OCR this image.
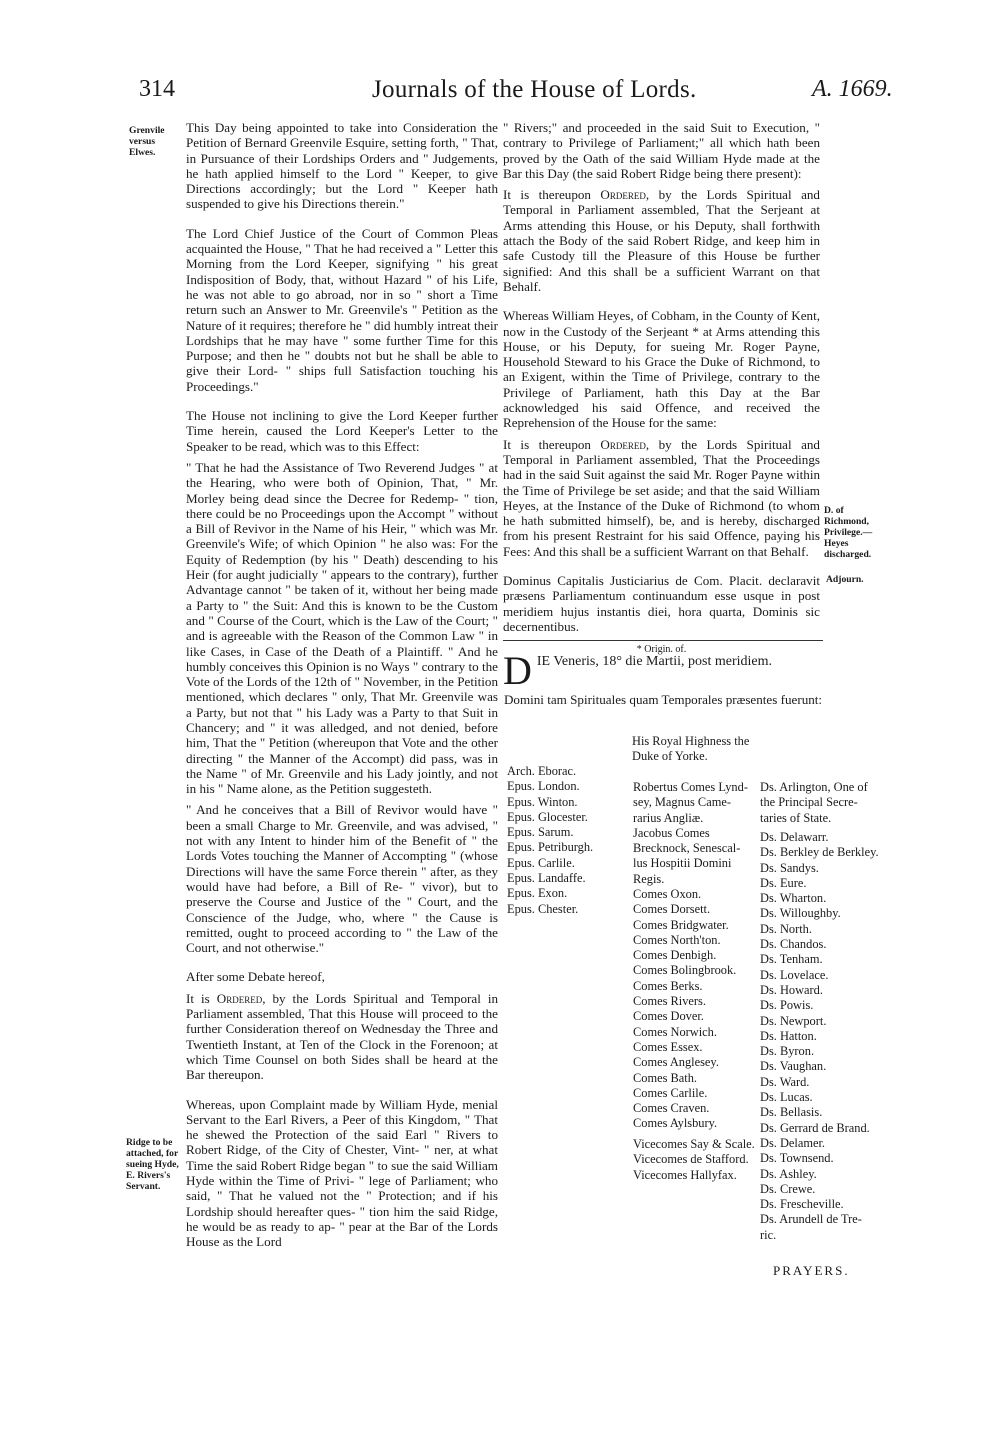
314	Journals of the House of Lords.	A. 1669.
Grenvile versus Elwes.
Ridge to be attached, for sueing Hyde, E. Rivers's Servant.
D. of Richmond, Privilege.— Heyes discharged.
Adjourn.

This Day being appointed to take into Consideration the Petition of Bernard Greenvile Esquire, setting forth, " That, in Pursuance of their Lordships Orders and " Judgements, he hath applied himself to the Lord " Keeper, to give Directions accordingly; but the Lord " Keeper hath suspended to give his Directions therein."

The Lord Chief Justice of the Court of Common Pleas acquainted the House, " That he had received a " Letter this Morning from the Lord Keeper, signifying " his great Indisposition of Body, that, without Hazard " of his Life, he was not able to go abroad, nor in so " short a Time return such an Answer to Mr. Greenvile's " Petition as the Nature of it requires; therefore he " did humbly intreat their Lordships that he may have " some further Time for this Purpose; and then he " doubts not but he shall be able to give their Lord- " ships full Satisfaction touching his Proceedings."

The House not inclining to give the Lord Keeper further Time herein, caused the Lord Keeper's Letter to the Speaker to be read, which was to this Effect:

" That he had the Assistance of Two Reverend Judges " at the Hearing, who were both of Opinion, That, " Mr. Morley being dead since the Decree for Redemp- " tion, there could be no Proceedings upon the Accompt " without a Bill of Revivor in the Name of his Heir, " which was Mr. Greenvile's Wife; of which Opinion " he also was: For the Equity of Redemption (by his " Death) descending to his Heir (for aught judicially " appears to the contrary), further Advantage cannot " be taken of it, without her being made a Party to " the Suit: And this is known to be the Custom and " Course of the Court, which is the Law of the Court; " and is agreeable with the Reason of the Common Law " in like Cases, in Case of the Death of a Plaintiff. " And he humbly conceives this Opinion is no Ways " contrary to the Vote of the Lords of the 12th of " November, in the Petition mentioned, which declares " only, That Mr. Greenvile was a Party, but not that " his Lady was a Party to that Suit in Chancery; and " it was alledged, and not denied, before him, That the " Petition (whereupon that Vote and the other directing " the Manner of the Accompt) did pass, was in the Name " of Mr. Greenvile and his Lady jointly, and not in his " Name alone, as the Petition suggesteth.

" And he conceives that a Bill of Revivor would have " been a small Charge to Mr. Greenvile, and was advised, " not with any Intent to hinder him of the Benefit of " the Lords Votes touching the Manner of Accompting " (whose Directions will have the same Force therein " after, as they would have had before, a Bill of Re- " vivor), but to preserve the Course and Justice of the " Court, and the Conscience of the Judge, who, where " the Cause is remitted, ought to proceed according to " the Law of the Court, and not otherwise."

After some Debate hereof,

It is Ordered, by the Lords Spiritual and Temporal in Parliament assembled, That this House will proceed to the further Consideration thereof on Wednesday the Three and Twentieth Instant, at Ten of the Clock in the Forenoon; at which Time Counsel on both Sides shall be heard at the Bar thereupon.

Whereas, upon Complaint made by William Hyde, menial Servant to the Earl Rivers, a Peer of this Kingdom, " That he shewed the Protection of the said Earl " Rivers to Robert Ridge, of the City of Chester, Vint- " ner, at what Time the said Robert Ridge began " to sue the said William Hyde within the Time of Privi- " lege of Parliament; who said, " That he valued not the " Protection; and if his Lordship should hereafter ques- " tion him the said Ridge, he would be as ready to ap- " pear at the Bar of the Lords House as the Lord

" Rivers;" and proceeded in the said Suit to Execution, " contrary to Privilege of Parliament;" all which hath been proved by the Oath of the said William Hyde made at the Bar this Day (the said Robert Ridge being there present):

It is thereupon Ordered, by the Lords Spiritual and Temporal in Parliament assembled, That the Serjeant at Arms attending this House, or his Deputy, shall forthwith attach the Body of the said Robert Ridge, and keep him in safe Custody till the Pleasure of this House be further signified: And this shall be a sufficient Warrant on that Behalf.

Whereas William Heyes, of Cobham, in the County of Kent, now in the Custody of the Serjeant * at Arms attending this House, or his Deputy, for sueing Mr. Roger Payne, Household Steward to his Grace the Duke of Richmond, to an Exigent, within the Time of Privilege, contrary to the Privilege of Parliament, hath this Day at the Bar acknowledged his said Offence, and received the Reprehension of the House for the same:

It is thereupon Ordered, by the Lords Spiritual and Temporal in Parliament assembled, That the Proceedings had in the said Suit against the said Mr. Roger Payne within the Time of Privilege be set aside; and that the said William Heyes, at the Instance of the Duke of Richmond (to whom he hath submitted himself), be, and is hereby, discharged from his present Restraint for his said Offence, paying his Fees: And this shall be a sufficient Warrant on that Behalf.

Dominus Capitalis Justiciarius de Com. Placit. declaravit præsens Parliamentum continuandum esse usque in post meridiem hujus instantis diei, hora quarta, Dominis sic decernentibus.

* Origin. of.

DIE Veneris, 18° die Martii, post meridiem.
Domini tam Spirituales quam Temporales præsentes fuerunt:
His Royal Highness the Duke of Yorke.
Arch. Eborac.
Epus. London.
Epus. Winton.
Epus. Glocester.
Epus. Sarum.
Epus. Petriburgh.
Epus. Carlile.
Epus. Landaffe.
Epus. Exon.
Epus. Chester.
Robertus Comes Lynd-
sey, Magnus Came-
rarius Angliæ.
Jacobus Comes
Brecknock, Senescal-
lus Hospitii Domini
Regis.
Comes Oxon.
Comes Dorsett.
Comes Bridgwater.
Comes North'ton.
Comes Denbigh.
Comes Bolingbrook.
Comes Berks.
Comes Rivers.
Comes Dover.
Comes Norwich.
Comes Essex.
Comes Anglesey.
Comes Bath.
Comes Carlile.
Comes Craven.
Comes Aylsbury.
Vicecomes Say & Scale.
Vicecomes de Stafford.
Vicecomes Hallyfax.
Ds. Arlington, One of
the Principal Secre-
taries of State.
Ds. Delawarr.
Ds. Berkley de Berkley.
Ds. Sandys.
Ds. Eure.
Ds. Wharton.
Ds. Willoughby.
Ds. North.
Ds. Chandos.
Ds. Tenham.
Ds. Lovelace.
Ds. Howard.
Ds. Powis.
Ds. Newport.
Ds. Hatton.
Ds. Byron.
Ds. Vaughan.
Ds. Ward.
Ds. Lucas.
Ds. Bellasis.
Ds. Gerrard de Brand.
Ds. Delamer.
Ds. Townsend.
Ds. Ashley.
Ds. Crewe.
Ds. Frescheville.
Ds. Arundell de Tre-
ric.
PRAYERS.
